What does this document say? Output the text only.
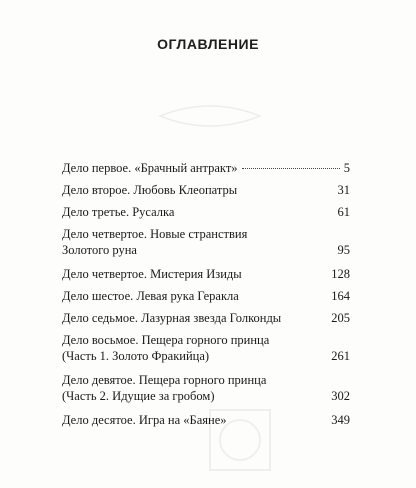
ОГЛАВЛЕНИЕ
Дело первое. «Брачный антракт»	5
Дело второе. Любовь Клеопатры	31
Дело третье. Русалка	61
Дело четвертое. Новые странствия
Золотого руна	95
Дело четвертое. Мистерия Изиды	128
Дело шестое. Левая рука Геракла	164
Дело седьмое. Лазурная звезда Голконды	205
Дело восьмое. Пещера горного принца
(Часть 1. Золото Фракийца)	261
Дело девятое. Пещера горного принца
(Часть 2. Идущие за гробом)	302
Дело десятое. Игра на «Баяне»	349
